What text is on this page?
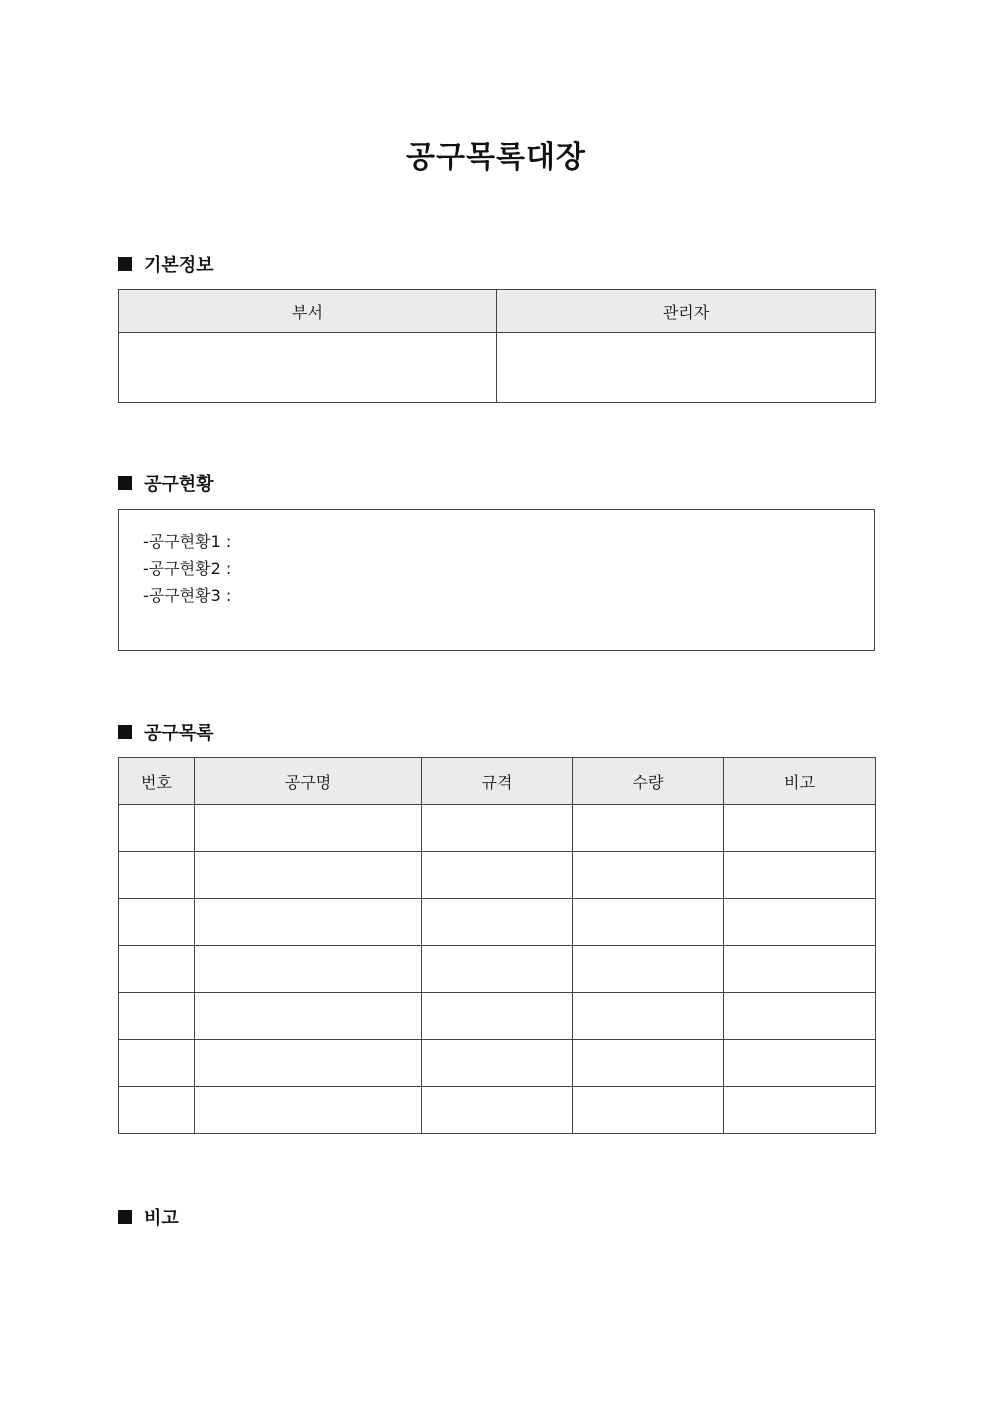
공구목록대장
기본정보
부서	관리자

공구현황
-공구현황1 :
-공구현황2 :
-공구현황3 :
공구목록
번호	공구명	규격	수량	비고

비고
